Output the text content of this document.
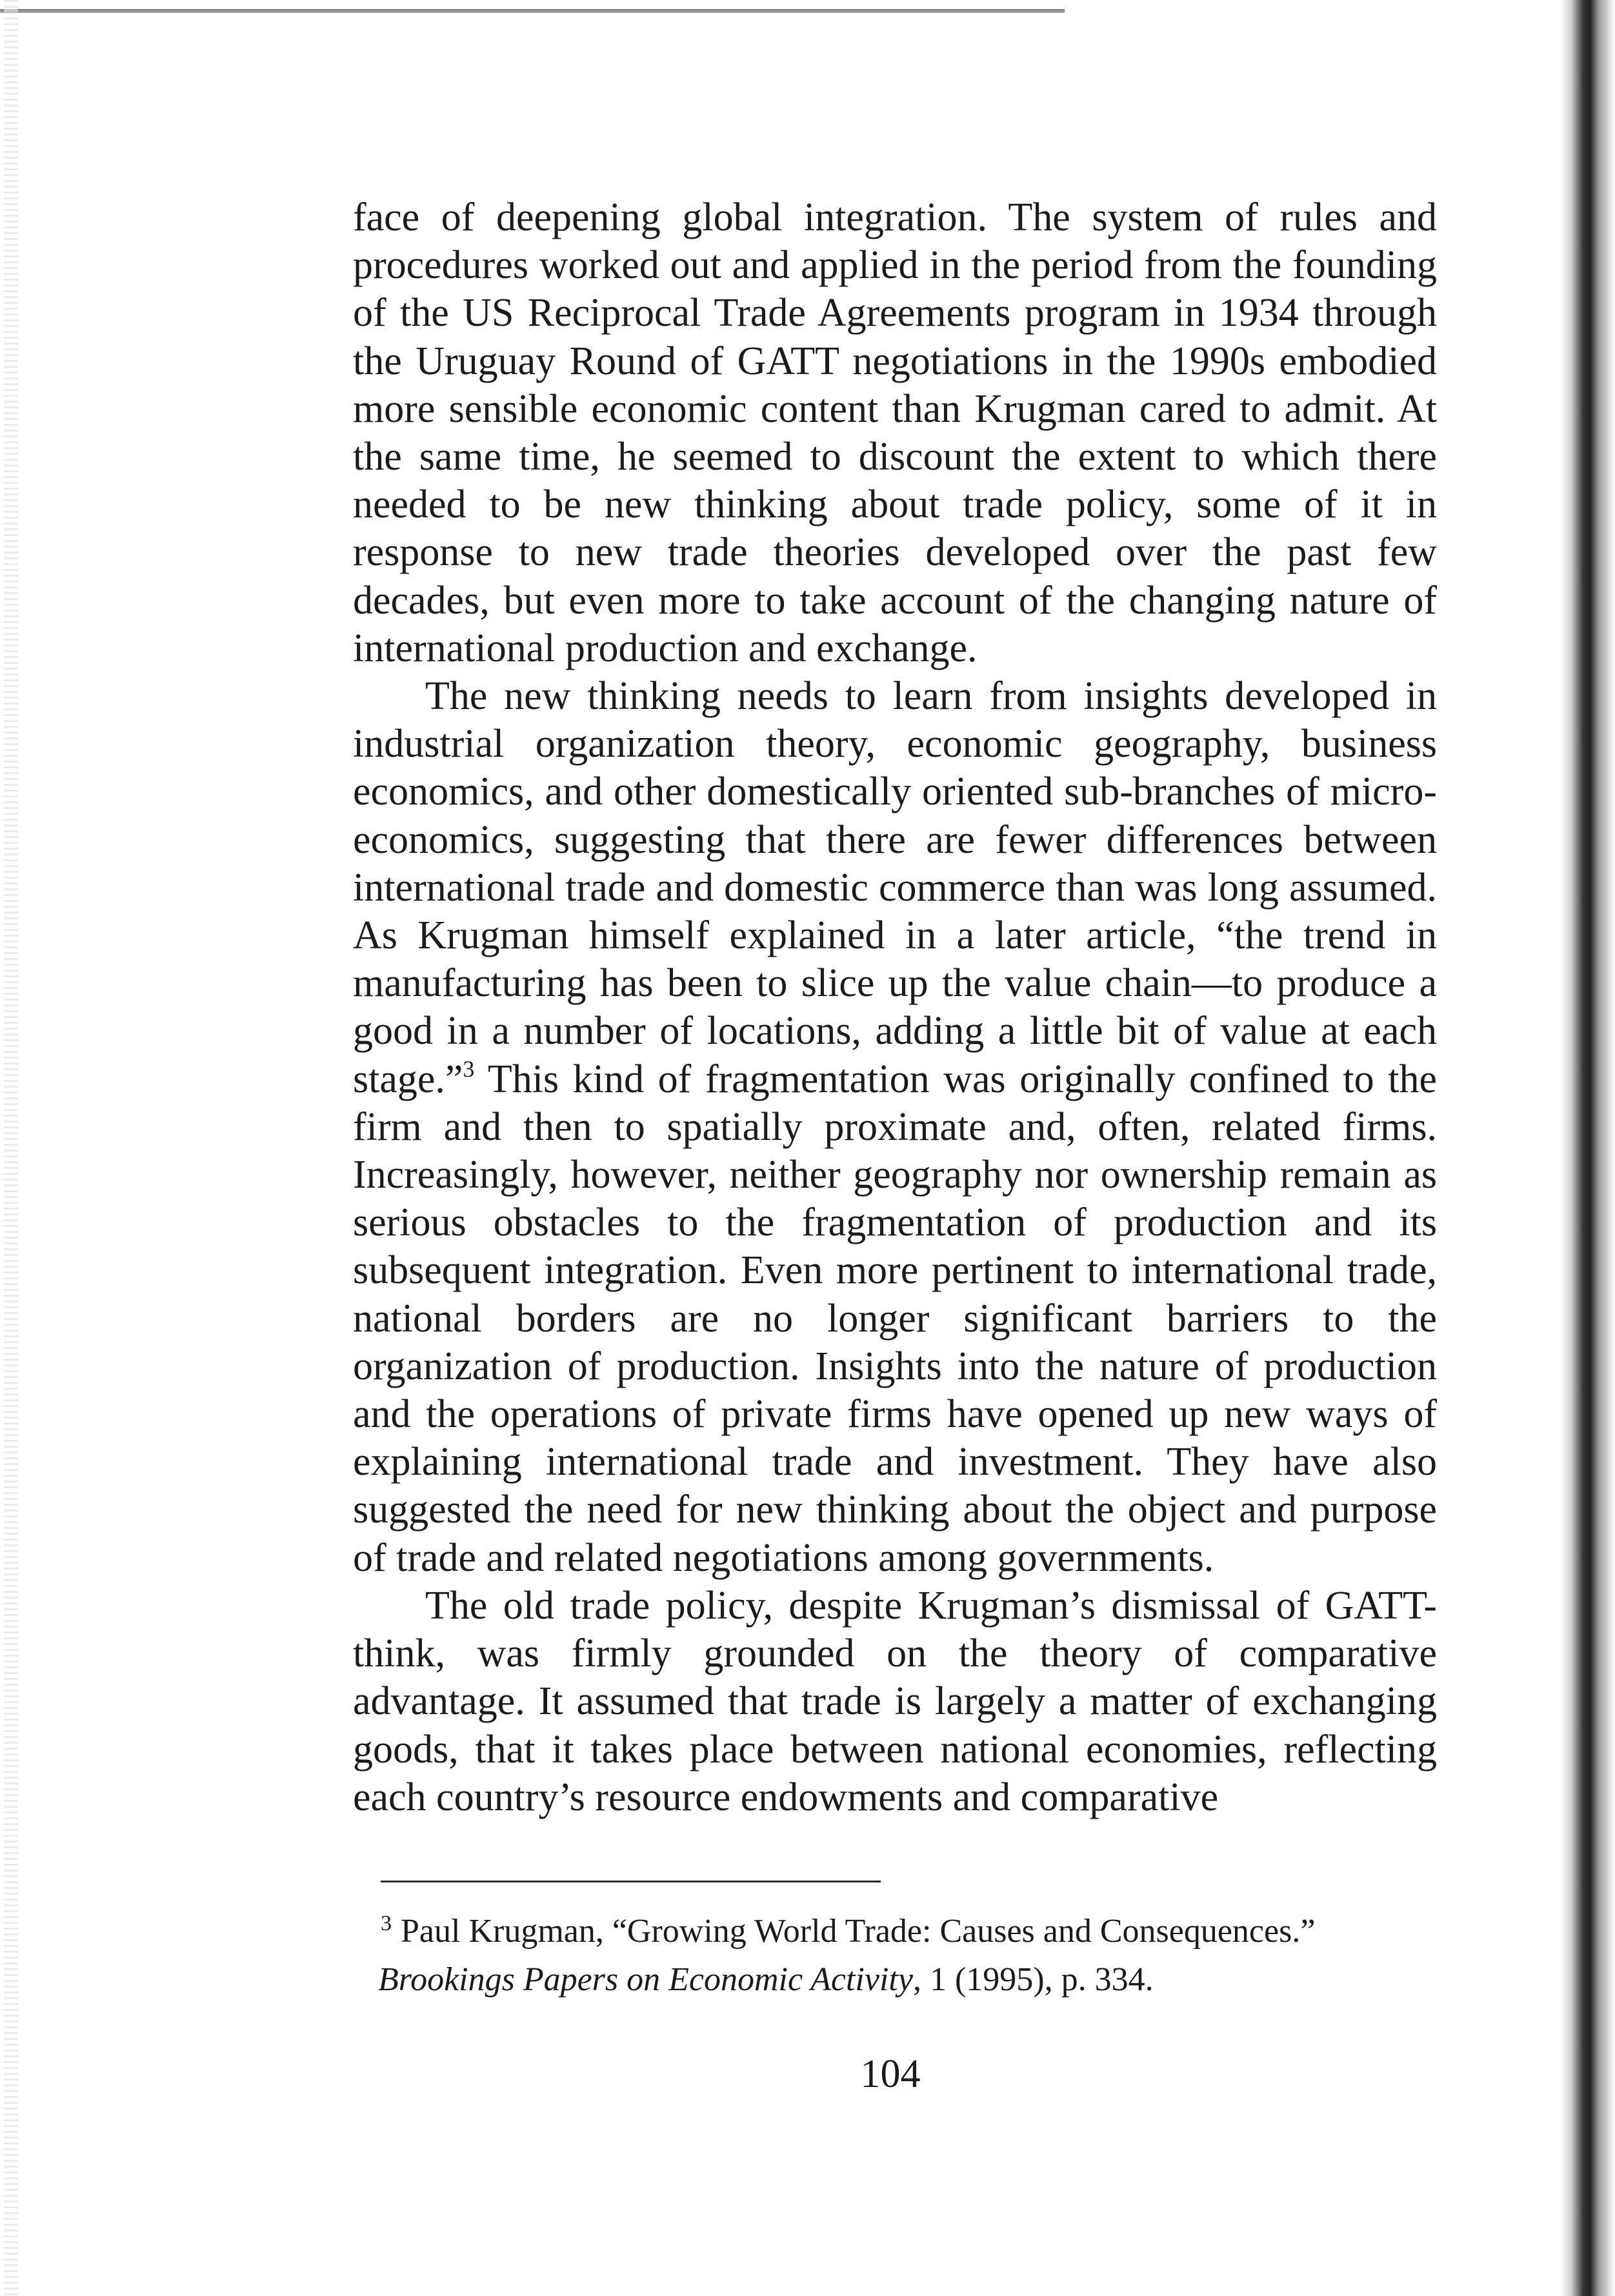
face of deepening global integration. The system of rules and procedures worked out and applied in the period from the founding of the US Reciprocal Trade Agreements program in 1934 through the Uruguay Round of GATT negotiations in the 1990s embodied more sensible economic content than Krugman cared to admit. At the same time, he seemed to discount the extent to which there needed to be new thinking about trade policy, some of it in response to new trade theories developed over the past few decades, but even more to take account of the changing nature of international production and exchange.

The new thinking needs to learn from insights developed in industrial organization theory, economic geography, business economics, and other domestically oriented sub-branches of micro-economics, suggesting that there are fewer differences between international trade and domestic commerce than was long assumed. As Krugman himself explained in a later article, “the trend in manufacturing has been to slice up the value chain—to produce a good in a number of locations, adding a little bit of value at each stage.”$^3$ This kind of fragmentation was originally confined to the firm and then to spatially proximate and, often, related firms. Increasingly, however, neither geography nor ownership remain as serious obstacles to the fragmentation of production and its subsequent integration. Even more pertinent to international trade, national borders are no longer significant barriers to the organization of production. Insights into the nature of production and the operations of private firms have opened up new ways of explaining international trade and investment. They have also suggested the need for new thinking about the object and purpose of trade and related negotiations among governments.

The old trade policy, despite Krugman’s dismissal of GATT-think, was firmly grounded on the theory of comparative advantage. It assumed that trade is largely a matter of exchanging goods, that it takes place between national economies, reflecting each country’s resource endowments and comparative

$^3$ Paul Krugman, “Growing World Trade: Causes and Consequences.”
Brookings Papers on Economic Activity, 1 (1995), p. 334.
104
